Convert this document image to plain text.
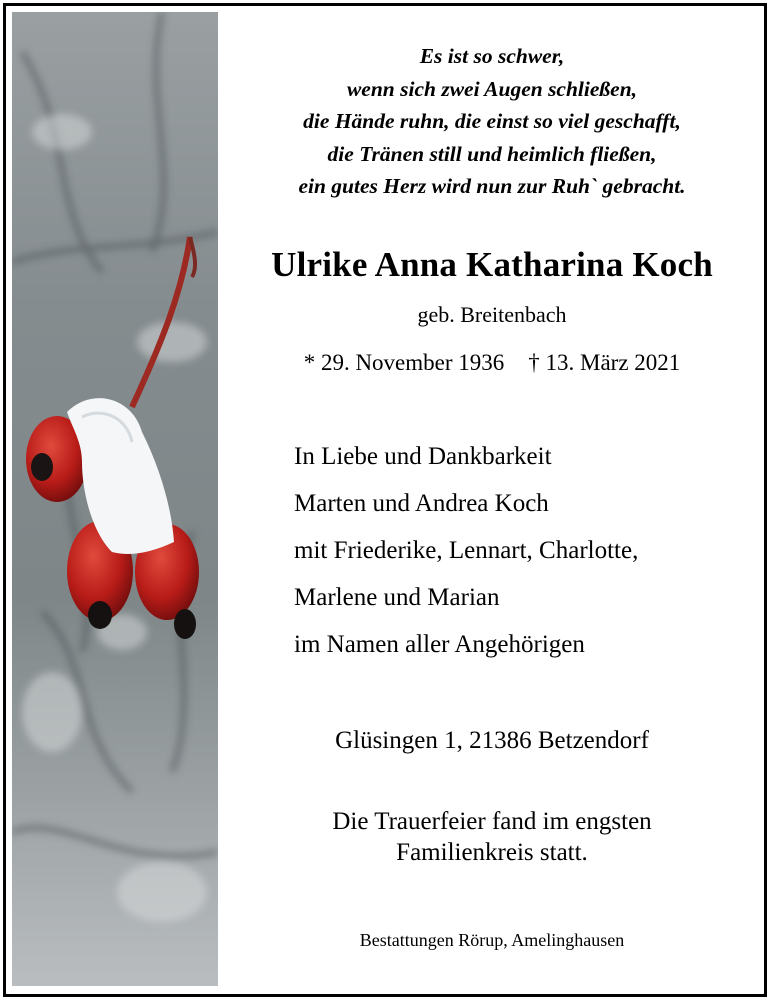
Es ist so schwer,
wenn sich zwei Augen schließen,
die Hände ruhn, die einst so viel geschafft,
die Tränen still und heimlich fließen,
ein gutes Herz wird nun zur Ruh` gebracht.
Ulrike Anna Katharina Koch
geb. Breitenbach
* 29. November 1936 † 13. März 2021
In Liebe und Dankbarkeit
Marten und Andrea Koch
mit Friederike, Lennart, Charlotte,
Marlene und Marian
im Namen aller Angehörigen
Glüsingen 1, 21386 Betzendorf
Die Trauerfeier fand im engsten
Familienkreis statt.
Bestattungen Rörup, Amelinghausen
